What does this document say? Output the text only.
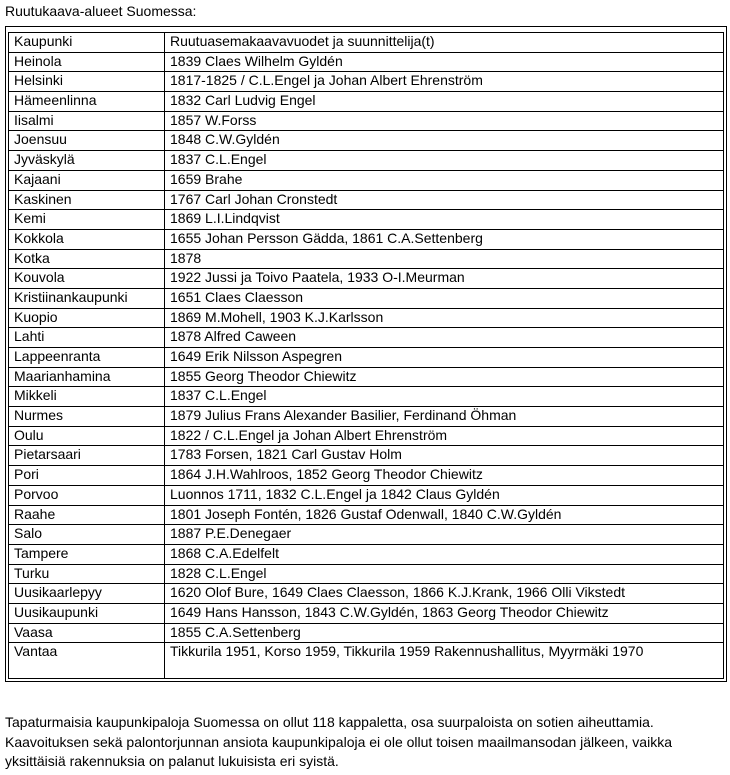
Ruutukaava-alueet Suomessa:
Kaupunki	Ruutuasemakaavavuodet ja suunnittelija(t)
Heinola	1839 Claes Wilhelm Gyldén
Helsinki	1817-1825 / C.L.Engel ja Johan Albert Ehrenström
Hämeenlinna	1832 Carl Ludvig Engel
Iisalmi	1857 W.Forss
Joensuu	1848 C.W.Gyldén
Jyväskylä	1837 C.L.Engel
Kajaani	1659 Brahe
Kaskinen	1767 Carl Johan Cronstedt
Kemi	1869 L.I.Lindqvist
Kokkola	1655 Johan Persson Gädda, 1861 C.A.Settenberg
Kotka	1878
Kouvola	1922 Jussi ja Toivo Paatela, 1933 O-I.Meurman
Kristiinankaupunki	1651 Claes Claesson
Kuopio	1869 M.Mohell, 1903 K.J.Karlsson
Lahti	1878 Alfred Caween
Lappeenranta	1649 Erik Nilsson Aspegren
Maarianhamina	1855 Georg Theodor Chiewitz
Mikkeli	1837 C.L.Engel
Nurmes	1879 Julius Frans Alexander Basilier, Ferdinand Öhman
Oulu	1822 / C.L.Engel ja Johan Albert Ehrenström
Pietarsaari	1783 Forsen, 1821 Carl Gustav Holm
Pori	1864 J.H.Wahlroos, 1852 Georg Theodor Chiewitz
Porvoo	Luonnos 1711, 1832 C.L.Engel ja 1842 Claus Gyldén
Raahe	1801 Joseph Fontén, 1826 Gustaf Odenwall, 1840 C.W.Gyldén
Salo	1887 P.E.Denegaer
Tampere	1868 C.A.Edelfelt
Turku	1828 C.L.Engel
Uusikaarlepyy	1620 Olof Bure, 1649 Claes Claesson, 1866 K.J.Krank, 1966 Olli Vikstedt
Uusikaupunki	1649 Hans Hansson, 1843 C.W.Gyldén, 1863 Georg Theodor Chiewitz
Vaasa	1855 C.A.Settenberg
Vantaa	Tikkurila 1951, Korso 1959, Tikkurila 1959 Rakennushallitus, Myyrmäki 1970
Tapaturmaisia kaupunkipaloja Suomessa on ollut 118 kappaletta, osa suurpaloista on sotien aiheuttamia. Kaavoituksen sekä palontorjunnan ansiota kaupunkipaloja ei ole ollut toisen maailmansodan jälkeen, vaikka yksittäisiä rakennuksia on palanut lukuisista eri syistä.
